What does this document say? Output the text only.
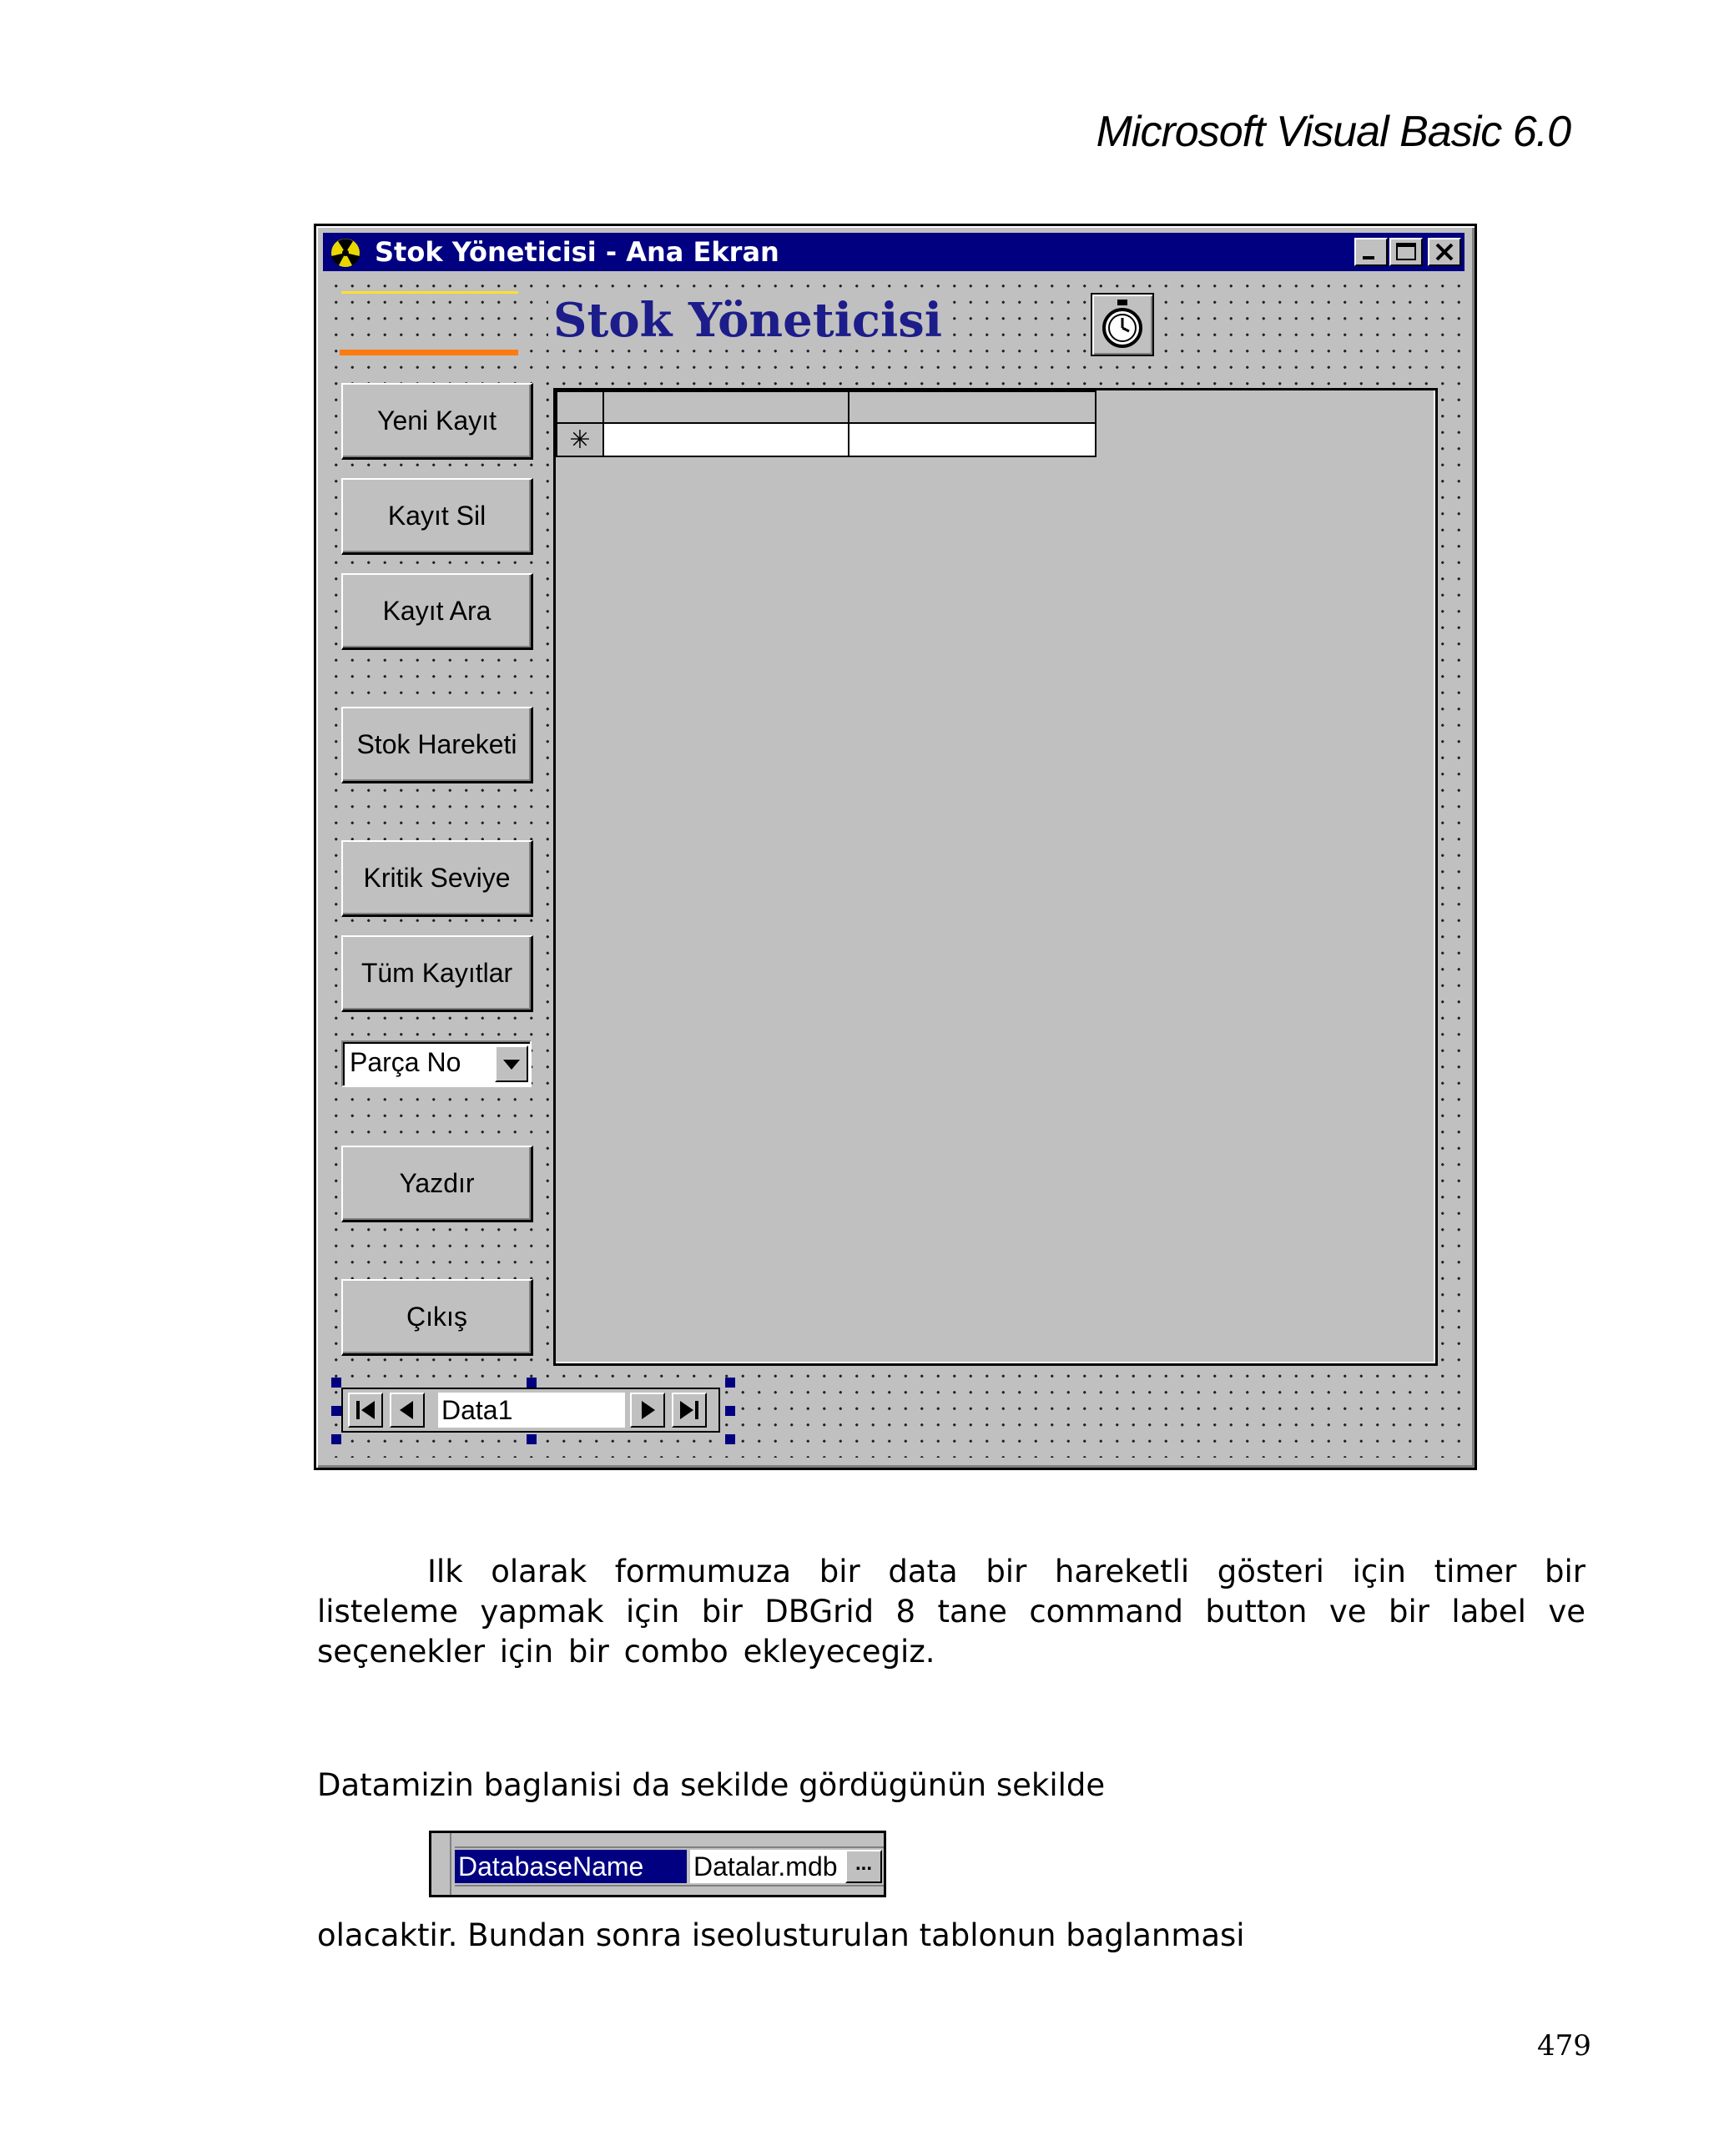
Microsoft Visual Basic 6.0
Stok Yöneticisi - Ana Ekran
Stok Yöneticisi
Yeni Kayıt
Kayıt Sil
Kayıt Ara
Stok Hareketi
Kritik Seviye
Tüm Kayıtlar
Parça No
Yazdır
Çıkış

✳		
Data1

Ilk olarak formumuza bir data bir hareketli gösteri için timer bir listeleme yapmak için bir DBGrid 8 tane command button ve bir label ve seçenekler için bir combo ekleyecegiz.

Datamizin baglanisi da sekilde gördügünün sekilde
DatabaseName	Datalar.mdb ...
olacaktir. Bundan sonra iseolusturulan tablonun baglanmasi
479
